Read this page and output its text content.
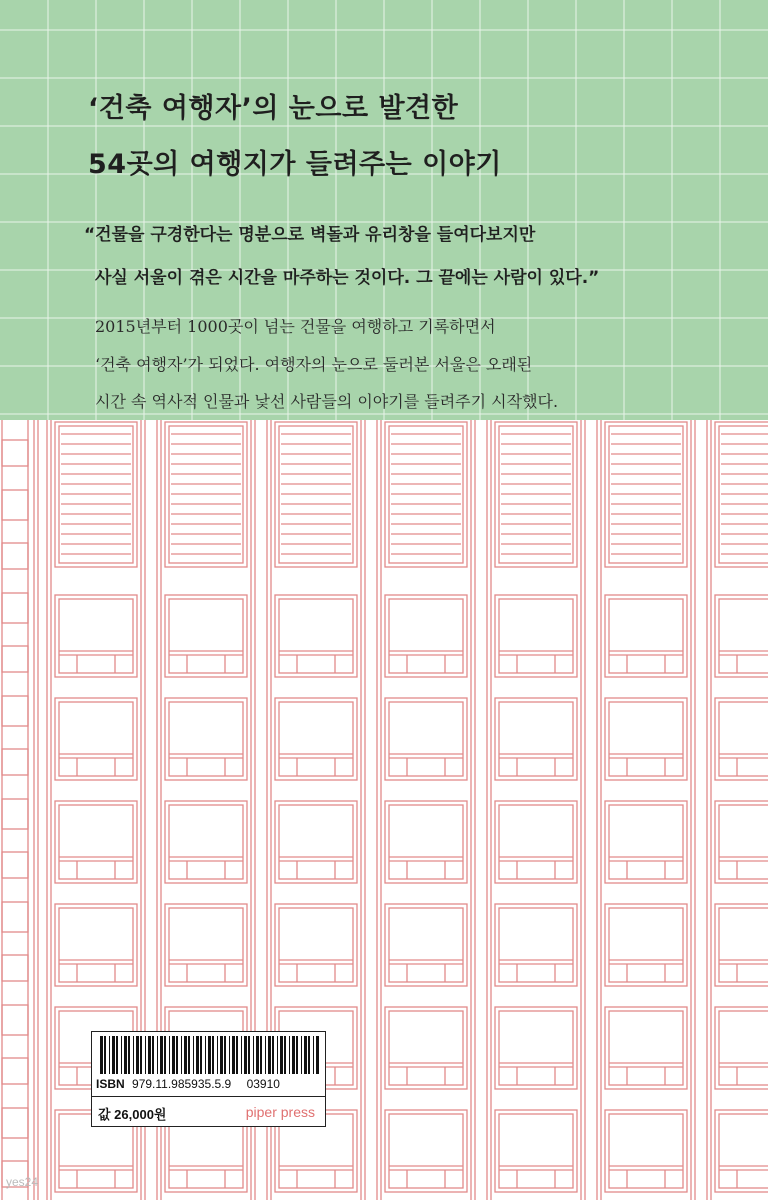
‘건축 여행자’의 눈으로 발견한
54곳의 여행지가 들려주는 이야기
“건물을 구경한다는 명분으로 벽돌과 유리창을 들여다보지만
사실 서울이 겪은 시간을 마주하는 것이다. 그 끝에는 사람이 있다.”
2015년부터 1000곳이 넘는 건물을 여행하고 기록하면서
‘건축 여행자’가 되었다. 여행자의 눈으로 둘러본 서울은 오래된
시간 속 역사적 인물과 낯선 사람들의 이야기를 들려주기 시작했다.
ISBN 979.11.985935.5.9 03910
값 26,000원	piper press
yes24
